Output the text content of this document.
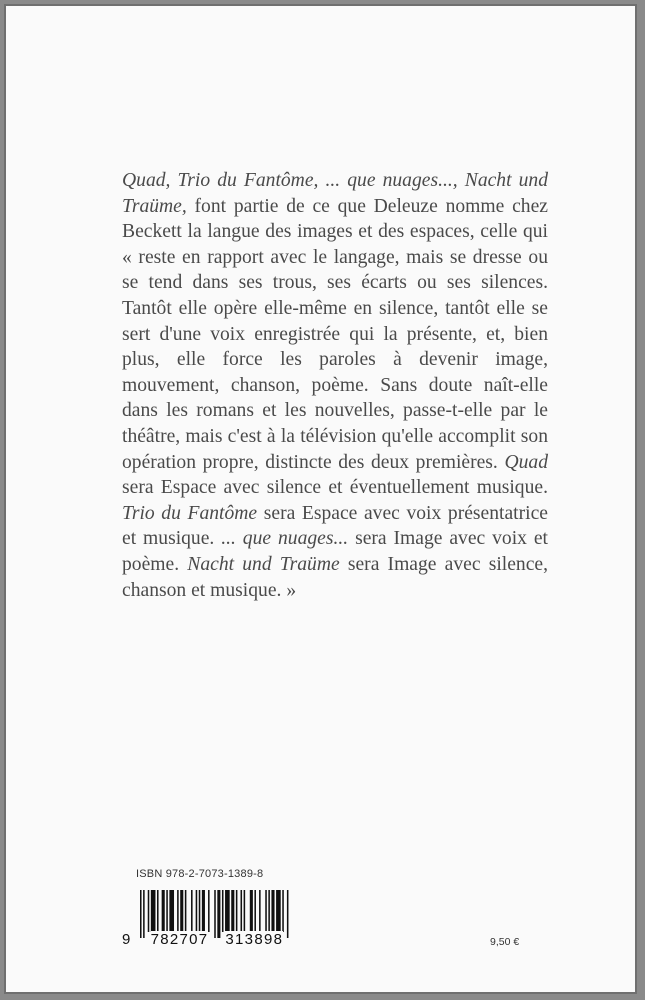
Quad, Trio du Fantôme, ... que nuages..., Nacht und Traüme, font partie de ce que Deleuze nomme chez Beckett la langue des images et des espaces, celle qui « reste en rapport avec le langage, mais se dresse ou se tend dans ses trous, ses écarts ou ses silences. Tantôt elle opère elle-même en silence, tantôt elle se sert d'une voix enregistrée qui la présente, et, bien plus, elle force les paroles à devenir image, mouvement, chanson, poème. Sans doute naît-elle dans les romans et les nouvelles, passe-t-elle par le théâtre, mais c'est à la télévision qu'elle accomplit son opération propre, distincte des deux premières. Quad sera Espace avec silence et éventuellement musique. Trio du Fantôme sera Espace avec voix présentatrice et musique. ... que nuages... sera Image avec voix et poème. Nacht und Traüme sera Image avec silence, chanson et musique. »
ISBN 978-2-7073-1389-8
9 782707 313898	9,50 €
